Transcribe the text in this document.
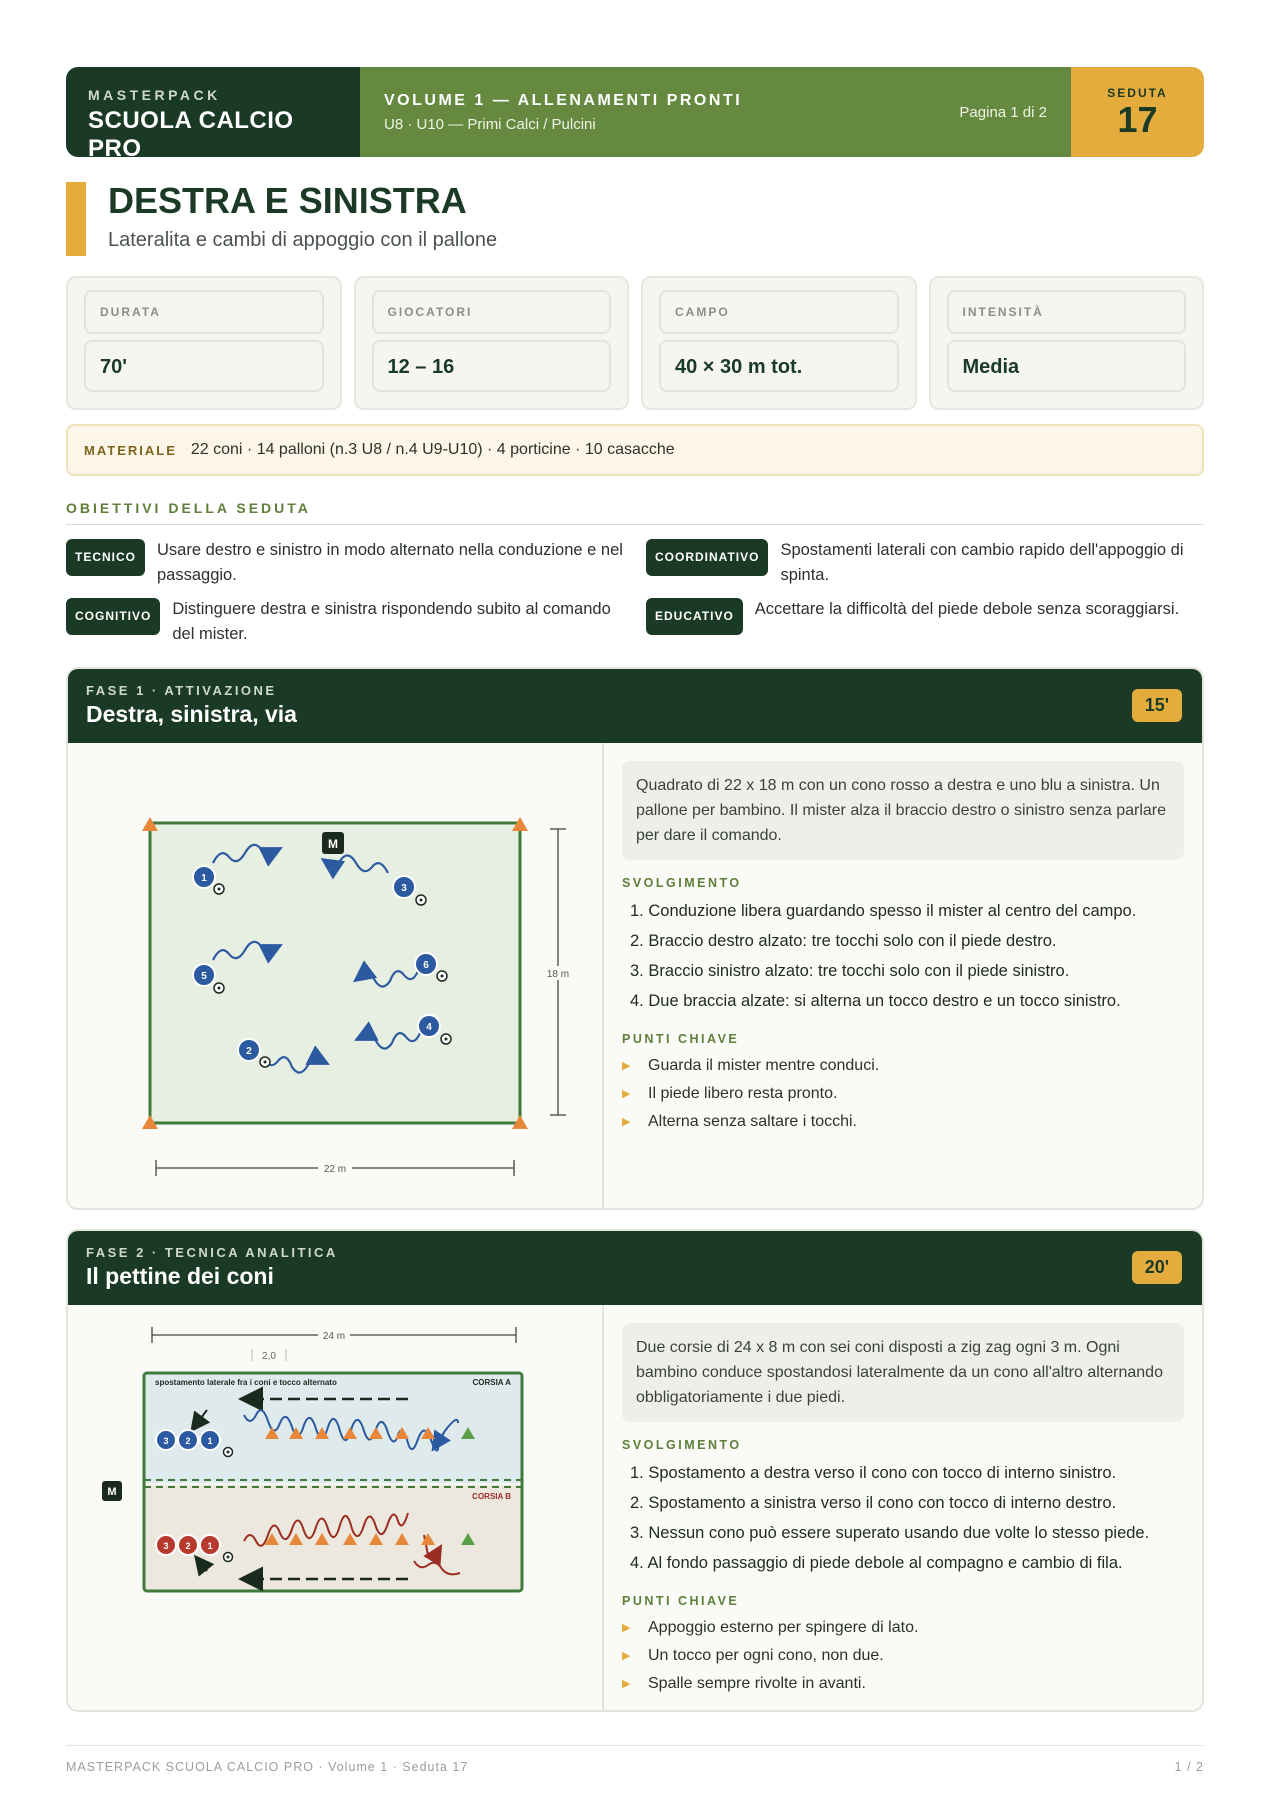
MASTERPACK
SCUOLA CALCIO PRO
VOLUME 1 — ALLENAMENTI PRONTI
U8 · U10 — Primi Calci / Pulcini
Pagina 1 di 2
SEDUTA
17
DESTRA E SINISTRA
Lateralita e cambi di appoggio con il pallone
DURATA
70'
GIOCATORI
12 – 16
CAMPO
40 × 30 m tot.
INTENSITÀ
Media
MATERIALE 22 coni · 14 palloni (n.3 U8 / n.4 U9-U10) · 4 porticine · 10 casacche
OBIETTIVI DELLA SEDUTA
TECNICO	Usare destro e sinistro in modo alternato nella conduzione e nel passaggio.
COORDINATIVO	Spostamenti laterali con cambio rapido dell'appoggio di spinta.
COGNITIVO	Distinguere destra e sinistra rispondendo subito al comando del mister.
EDUCATIVO	Accettare la difficoltà del piede debole senza scoraggiarsi.
FASE 1 · ATTIVAZIONE
Destra, sinistra, via	15'
M
18 m
22 m
1
3
5
6
2
4
Quadrato di 22 x 18 m con un cono rosso a destra e uno blu a sinistra. Un pallone per bambino. Il mister alza il braccio destro o sinistro senza parlare per dare il comando.
SVOLGIMENTO
1. Conduzione libera guardando spesso il mister al centro del campo.
2. Braccio destro alzato: tre tocchi solo con il piede destro.
3. Braccio sinistro alzato: tre tocchi solo con il piede sinistro.
4. Due braccia alzate: si alterna un tocco destro e un tocco sinistro.
PUNTI CHIAVE
▶ Guarda il mister mentre conduci.
▶ Il piede libero resta pronto.
▶ Alterna senza saltare i tocchi.
FASE 2 · TECNICA ANALITICA
Il pettine dei coni	20'
24 m
2,0
spostamento laterale fra i coni e tocco alternato	CORSIA A
CORSIA B
3 2 1
3 2 1
M
Due corsie di 24 x 8 m con sei coni disposti a zig zag ogni 3 m. Ogni bambino conduce spostandosi lateralmente da un cono all'altro alternando obbligatoriamente i due piedi.
SVOLGIMENTO
1. Spostamento a destra verso il cono con tocco di interno sinistro.
2. Spostamento a sinistra verso il cono con tocco di interno destro.
3. Nessun cono può essere superato usando due volte lo stesso piede.
4. Al fondo passaggio di piede debole al compagno e cambio di fila.
PUNTI CHIAVE
▶ Appoggio esterno per spingere di lato.
▶ Un tocco per ogni cono, non due.
▶ Spalle sempre rivolte in avanti.
MASTERPACK SCUOLA CALCIO PRO · Volume 1 · Seduta 17	1 / 2
